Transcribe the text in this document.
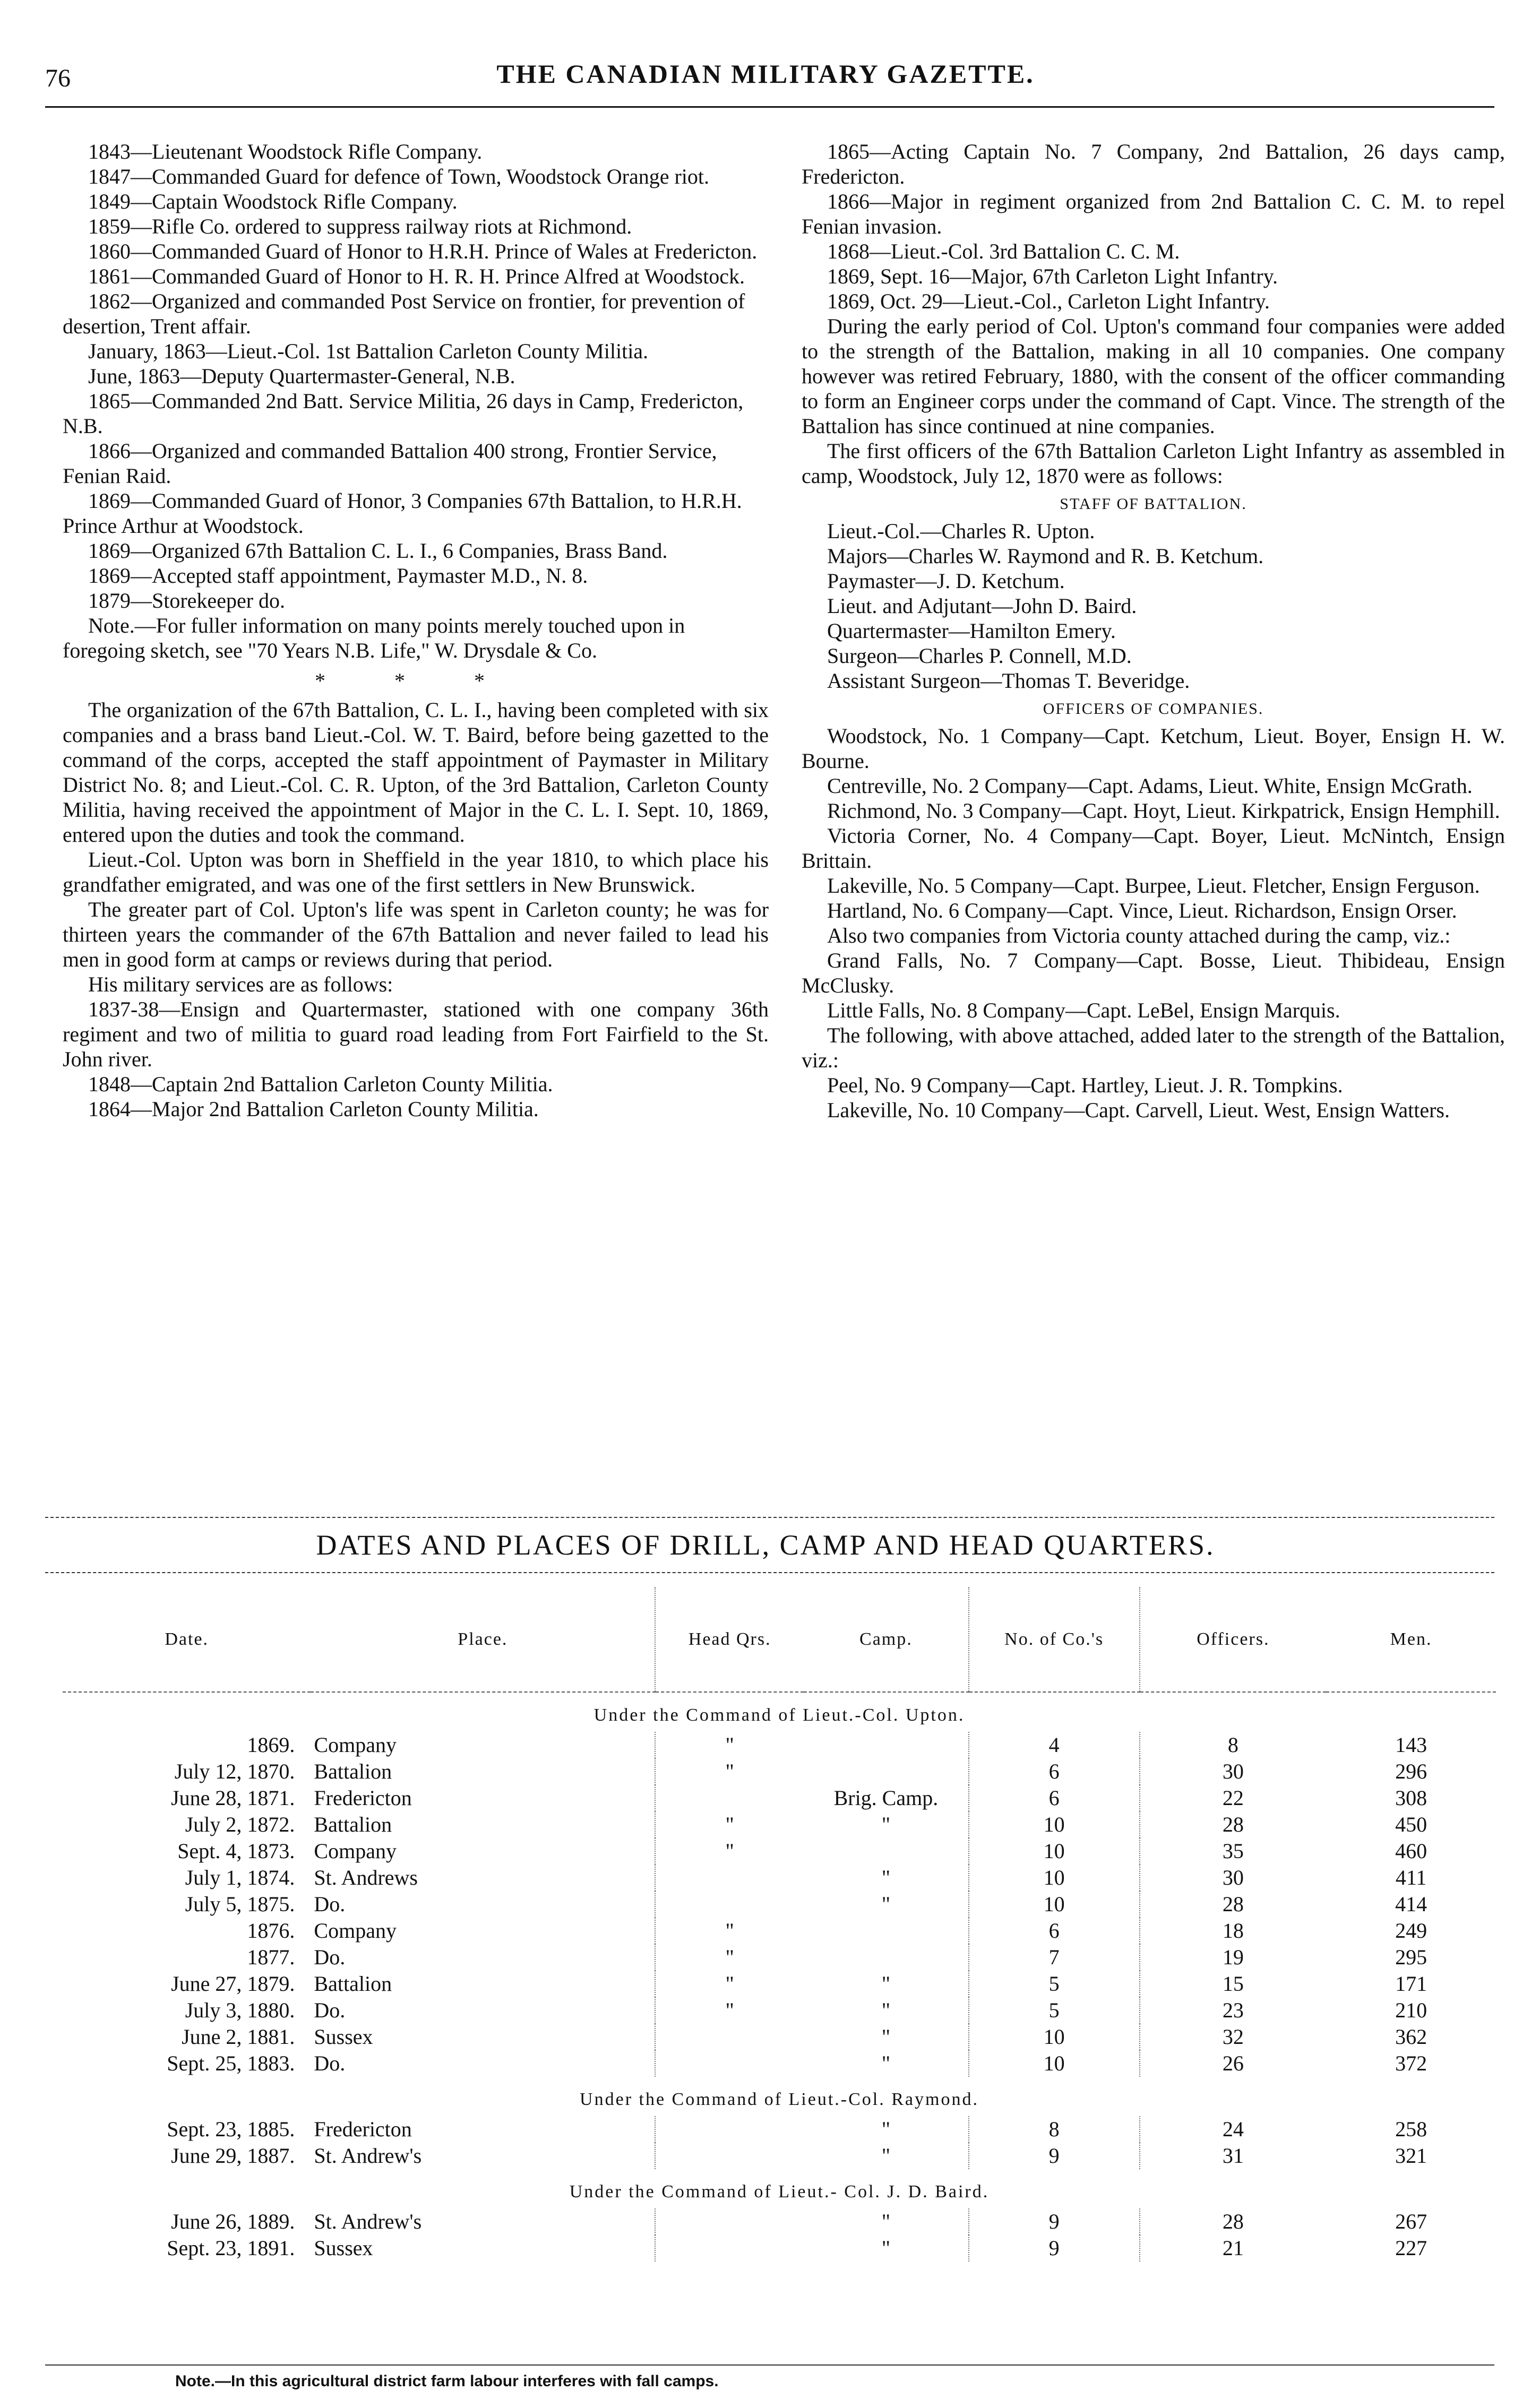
76	THE CANADIAN MILITARY GAZETTE.

1843—Lieutenant Woodstock Rifle Company.

1847—Commanded Guard for defence of Town, Woodstock Orange riot.

1849—Captain Woodstock Rifle Company.

1859—Rifle Co. ordered to suppress railway riots at Richmond.

1860—Commanded Guard of Honor to H.R.H. Prince of Wales at Fredericton.

1861—Commanded Guard of Honor to H. R. H. Prince Alfred at Woodstock.

1862—Organized and commanded Post Service on frontier, for prevention of desertion, Trent affair.

January, 1863—Lieut.-Col. 1st Battalion Carleton County Militia.

June, 1863—Deputy Quartermaster-General, N.B.

1865—Commanded 2nd Batt. Service Militia, 26 days in Camp, Fredericton, N.B.

1866—Organized and commanded Battalion 400 strong, Frontier Service, Fenian Raid.

1869—Commanded Guard of Honor, 3 Companies 67th Battalion, to H.R.H. Prince Arthur at Woodstock.

1869—Organized 67th Battalion C. L. I., 6 Companies, Brass Band.

1869—Accepted staff appointment, Paymaster M.D., N. 8.

1879—Storekeeper do.

Note.—For fuller information on many points merely touched upon in foregoing sketch, see "70 Years N.B. Life," W. Drysdale & Co.

* * *

The organization of the 67th Battalion, C. L. I., having been completed with six companies and a brass band Lieut.-Col. W. T. Baird, before being gazetted to the command of the corps, accepted the staff appointment of Paymaster in Military District No. 8; and Lieut.-Col. C. R. Upton, of the 3rd Battalion, Carleton County Militia, having received the appointment of Major in the C. L. I. Sept. 10, 1869, entered upon the duties and took the command.

Lieut.-Col. Upton was born in Sheffield in the year 1810, to which place his grandfather emigrated, and was one of the first settlers in New Brunswick.

The greater part of Col. Upton's life was spent in Carleton county; he was for thirteen years the commander of the 67th Battalion and never failed to lead his men in good form at camps or reviews during that period.

His military services are as follows:

1837-38—Ensign and Quartermaster, stationed with one company 36th regiment and two of militia to guard road leading from Fort Fairfield to the St. John river.

1848—Captain 2nd Battalion Carleton County Militia.

1864—Major 2nd Battalion Carleton County Militia.

1865—Acting Captain No. 7 Company, 2nd Battalion, 26 days camp, Fredericton.

1866—Major in regiment organized from 2nd Battalion C. C. M. to repel Fenian invasion.

1868—Lieut.-Col. 3rd Battalion C. C. M.

1869, Sept. 16—Major, 67th Carleton Light Infantry.

1869, Oct. 29—Lieut.-Col., Carleton Light Infantry.

During the early period of Col. Upton's command four companies were added to the strength of the Battalion, making in all 10 companies. One company however was retired February, 1880, with the consent of the officer commanding to form an Engineer corps under the command of Capt. Vince. The strength of the Battalion has since continued at nine companies.

The first officers of the 67th Battalion Carleton Light Infantry as assembled in camp, Woodstock, July 12, 1870 were as follows:

STAFF OF BATTALION.

Lieut.-Col.—Charles R. Upton.

Majors—Charles W. Raymond and R. B. Ketchum.

Paymaster—J. D. Ketchum.

Lieut. and Adjutant—John D. Baird.

Quartermaster—Hamilton Emery.

Surgeon—Charles P. Connell, M.D.

Assistant Surgeon—Thomas T. Beveridge.

OFFICERS OF COMPANIES.

Woodstock, No. 1 Company—Capt. Ketchum, Lieut. Boyer, Ensign H. W. Bourne.

Centreville, No. 2 Company—Capt. Adams, Lieut. White, Ensign McGrath.

Richmond, No. 3 Company—Capt. Hoyt, Lieut. Kirkpatrick, Ensign Hemphill.

Victoria Corner, No. 4 Company—Capt. Boyer, Lieut. McNintch, Ensign Brittain.

Lakeville, No. 5 Company—Capt. Burpee, Lieut. Fletcher, Ensign Ferguson.

Hartland, No. 6 Company—Capt. Vince, Lieut. Richardson, Ensign Orser.

Also two companies from Victoria county attached during the camp, viz.:

Grand Falls, No. 7 Company—Capt. Bosse, Lieut. Thibideau, Ensign McClusky.

Little Falls, No. 8 Company—Capt. LeBel, Ensign Marquis.

The following, with above attached, added later to the strength of the Battalion, viz.:

Peel, No. 9 Company—Capt. Hartley, Lieut. J. R. Tompkins.

Lakeville, No. 10 Company—Capt. Carvell, Lieut. West, Ensign Watters.

DATES AND PLACES OF DRILL, CAMP AND HEAD QUARTERS.
Date.	Place.	Head Qrs.	Camp.	No. of Co.'s	Officers.	Men.
Under the Command of Lieut.-Col. Upton.						
1869.	Company	"		4	8	143
July 12, 1870.	Battalion	"		6	30	296
June 28, 1871.	Fredericton		Brig. Camp.	6	22	308
July 2, 1872.	Battalion	"	"	10	28	450
Sept. 4, 1873.	Company	"		10	35	460
July 1, 1874.	St. Andrews		"	10	30	411
July 5, 1875.	Do.		"	10	28	414
1876.	Company	"		6	18	249
1877.	Do.	"		7	19	295
June 27, 1879.	Battalion	"	"	5	15	171
July 3, 1880.	Do.	"	"	5	23	210
June 2, 1881.	Sussex		"	10	32	362
Sept. 25, 1883.	Do.		"	10	26	372
Under the Command of Lieut.-Col. Raymond.						
Sept. 23, 1885.	Fredericton		"	8	24	258
June 29, 1887.	St. Andrew's		"	9	31	321
Under the Command of Lieut.- Col. J. D. Baird.						
June 26, 1889.	St. Andrew's		"	9	28	267
Sept. 23, 1891.	Sussex		"	9	21	227
Note.—In this agricultural district farm labour interferes with fall camps.
